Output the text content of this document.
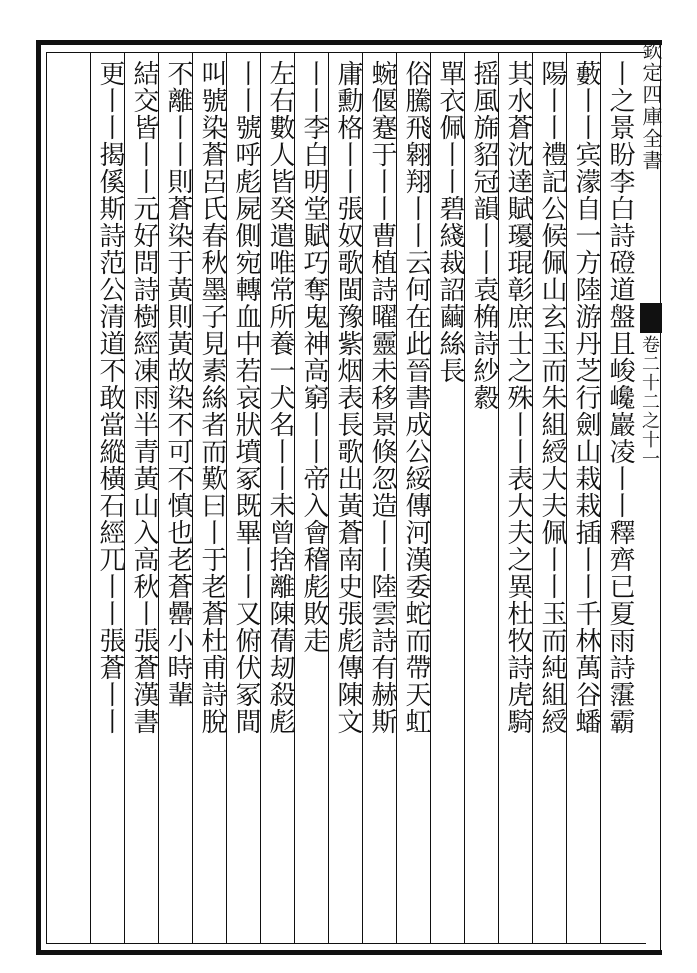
欽定四庫全書
卷二十二之十一
丨之景盼李白詩磴道盤且峻巉巖凌丨丨釋齊已夏雨詩霮霸
藪丨丨宾濛自一方陸游丹芝行劍山栽栽插丨丨千林萬谷蟠
陽丨丨禮記公候佩山玄玉而朱組綬大夫佩丨丨玉而純組綬
其水蒼沈達賦瓇琨彰庶士之殊丨丨表大夫之異杜牧詩虎騎
摇風旆貂冠韻丨丨袁桷詩紗縠
單衣佩丨丨碧綫裁詔繭絲長
俗騰飛翱翔丨丨云何在此晉書成公綏傳河漢委蛇而帶天虹
蜿偃蹇于丨丨曹植詩曜靈未移景倏忽造丨丨陸雲詩有赫斯
庸勳格丨丨張奴歌閩豫紫烟表長歌出黃蒼南史張彪傳陳文
丨丨李白明堂賦巧奪鬼神高窮丨丨帝入會稽彪敗走
左右數人皆癸遣唯常所養一犬名丨丨未曾捨離陳蒨刼殺彪
丨丨號呼彪屍側宛轉血中若哀狀墳冢既畢丨丨又俯伏冢間
叫號染蒼呂氏春秋墨子見素絲者而歎曰丨于老蒼杜甫詩脫
不離丨丨則蒼染于黃則黃故染不可不慎也老蒼罍小時輩
結交皆丨丨元好問詩樹經凍雨半青黃山入高秋丨張蒼漢書
更丨丨揭傒斯詩范公清道不敢當縱橫石經兀丨丨張蒼丨丨
